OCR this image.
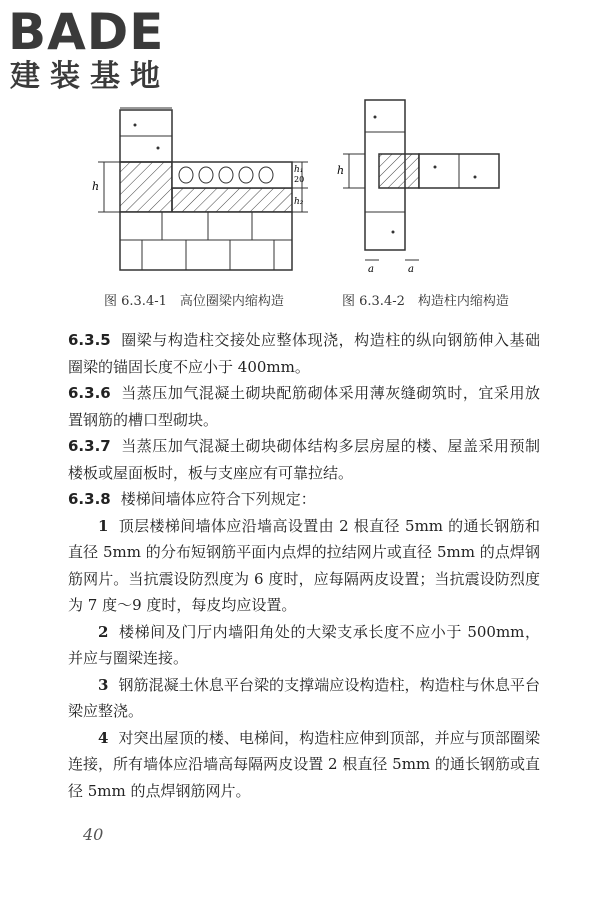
BADE
建装基地
h
20
h₁
h₂
h
a	a
图 6.3.4-1　高位圈梁内缩构造	图 6.3.4-2　构造柱内缩构造

6.3.5 圈梁与构造柱交接处应整体现浇，构造柱的纵向钢筋伸入基础圈梁的锚固长度不应小于 400mm。

6.3.6 当蒸压加气混凝土砌块配筋砌体采用薄灰缝砌筑时，宜采用放置钢筋的槽口型砌块。

6.3.7 当蒸压加气混凝土砌块砌体结构多层房屋的楼、屋盖采用预制楼板或屋面板时，板与支座应有可靠拉结。

6.3.8 楼梯间墙体应符合下列规定：

1 顶层楼梯间墙体应沿墙高设置由 2 根直径 5mm 的通长钢筋和直径 5mm 的分布短钢筋平面内点焊的拉结网片或直径 5mm 的点焊钢筋网片。当抗震设防烈度为 6 度时，应每隔两皮设置；当抗震设防烈度为 7 度～9 度时，每皮均应设置。

2 楼梯间及门厅内墙阳角处的大梁支承长度不应小于 500mm，并应与圈梁连接。

3 钢筋混凝土休息平台梁的支撑端应设构造柱，构造柱与休息平台梁应整浇。

4 对突出屋顶的楼、电梯间，构造柱应伸到顶部，并应与顶部圈梁连接，所有墙体应沿墙高每隔两皮设置 2 根直径 5mm 的通长钢筋或直径 5mm 的点焊钢筋网片。

40
